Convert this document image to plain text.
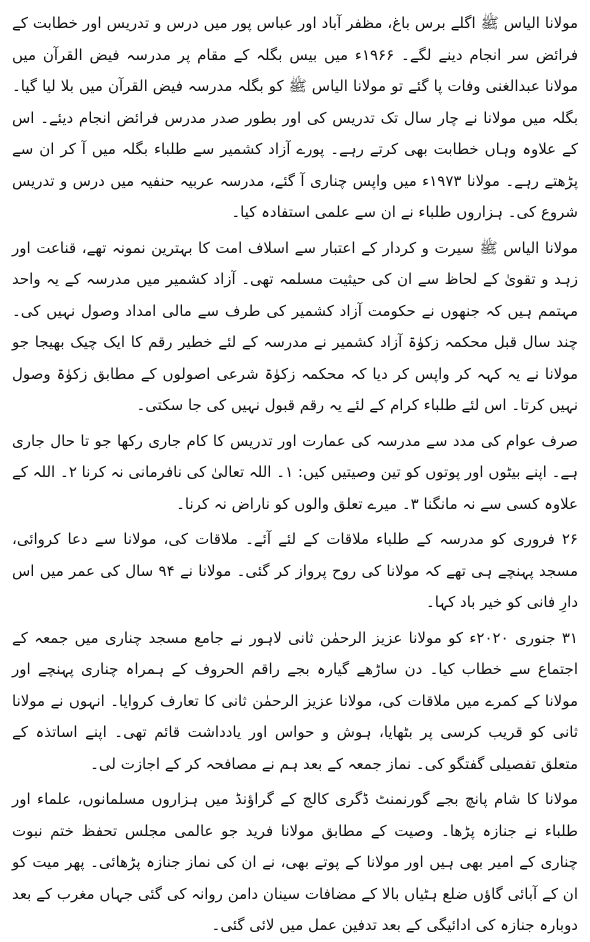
مولانا الیاس ﷺ اگلے برس باغ، مظفر آباد اور عباس پور میں درس و تدریس اور خطابت کے فرائض سر انجام دینے لگے۔ ۱۹۶۶ء میں بیس بگلہ کے مقام پر مدرسہ فیض القرآن میں مولانا عبدالغنی وفات پا گئے تو مولانا الیاس ﷺ کو بگلہ مدرسہ فیض القرآن میں بلا لیا گیا۔ بگلہ میں مولانا نے چار سال تک تدریس کی اور بطور صدر مدرس فرائض انجام دیئے۔ اس کے علاوہ وہاں خطابت بھی کرتے رہے۔ پورے آزاد کشمیر سے طلباء بگلہ میں آ کر ان سے پڑھتے رہے۔ مولانا ۱۹۷۳ء میں واپس چناری آ گئے، مدرسہ عربیہ حنفیہ میں درس و تدریس شروع کی۔ ہزاروں طلباء نے ان سے علمی استفادہ کیا۔

مولانا الیاس ﷺ سیرت و کردار کے اعتبار سے اسلاف امت کا بہترین نمونہ تھے، قناعت اور زہد و تقویٰ کے لحاظ سے ان کی حیثیت مسلمہ تھی۔ آزاد کشمیر میں مدرسہ کے یہ واحد مہتمم ہیں کہ جنھوں نے حکومت آزاد کشمیر کی طرف سے مالی امداد وصول نہیں کی۔ چند سال قبل محکمہ زکوٰۃ آزاد کشمیر نے مدرسہ کے لئے خطیر رقم کا ایک چیک بھیجا جو مولانا نے یہ کہہ کر واپس کر دیا کہ محکمہ زکوٰۃ شرعی اصولوں کے مطابق زکوٰۃ وصول نہیں کرتا۔ اس لئے طلباء کرام کے لئے یہ رقم قبول نہیں کی جا سکتی۔

صرف عوام کی مدد سے مدرسہ کی عمارت اور تدریس کا کام جاری رکھا جو تا حال جاری ہے۔ اپنے بیٹوں اور پوتوں کو تین وصیتیں کیں: ۱۔ اللہ تعالیٰ کی نافرمانی نہ کرنا ۲۔ اللہ کے علاوہ کسی سے نہ مانگنا ۳۔ میرے تعلق والوں کو ناراض نہ کرنا۔

۲۶ فروری کو مدرسہ کے طلباء ملاقات کے لئے آئے۔ ملاقات کی، مولانا سے دعا کروائی، مسجد پہنچے ہی تھے کہ مولانا کی روح پرواز کر گئی۔ مولانا نے ۹۴ سال کی عمر میں اس دارِ فانی کو خیر باد کہا۔

۳۱ جنوری ۲۰۲۰ء کو مولانا عزیز الرحمٰن ثانی لاہور نے جامع مسجد چناری میں جمعہ کے اجتماع سے خطاب کیا۔ دن ساڑھے گیارہ بجے راقم الحروف کے ہمراہ چناری پہنچے اور مولانا کے کمرے میں ملاقات کی، مولانا عزیز الرحمٰن ثانی کا تعارف کروایا۔ انہوں نے مولانا ثانی کو قریب کرسی پر بٹھایا، ہوش و حواس اور یادداشت قائم تھی۔ اپنے اساتذہ کے متعلق تفصیلی گفتگو کی۔ نماز جمعہ کے بعد ہم نے مصافحہ کر کے اجازت لی۔

مولانا کا شام پانچ بجے گورنمنٹ ڈگری کالج کے گراؤنڈ میں ہزاروں مسلمانوں، علماء اور طلباء نے جنازہ پڑھا۔ وصیت کے مطابق مولانا فرید جو عالمی مجلس تحفظ ختم نبوت چناری کے امیر بھی ہیں اور مولانا کے پوتے بھی، نے ان کی نماز جنازہ پڑھائی۔ پھر میت کو ان کے آبائی گاؤں ضلع ہٹیاں بالا کے مضافات سینان دامن روانہ کی گئی جہاں مغرب کے بعد دوبارہ جنازہ کی ادائیگی کے بعد تدفین عمل میں لائی گئی۔
